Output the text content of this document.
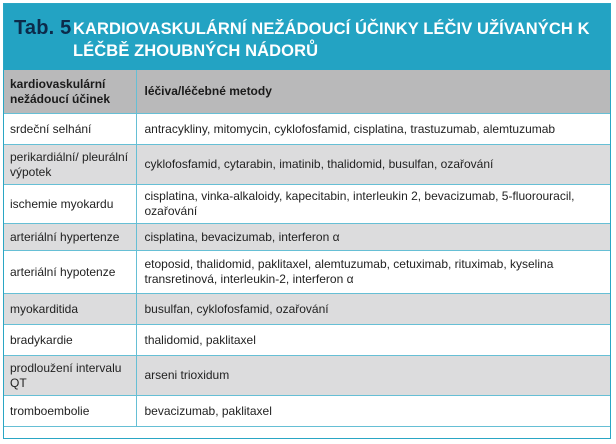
Tab. 5 KARDIOVASKULÁRNÍ NEŽÁDOUCÍ ÚČINKY LÉČIV UŽÍVANÝCH K LÉČBĚ ZHOUBNÝCH NÁDORŮ
kardiovaskulární nežádoucí účinek	léčiva/léčebné metody
srdeční selhání	antracykliny, mitomycin, cyklofosfamid, cisplatina, trastuzumab, alemtuzumab
perikardiální/ pleurální výpotek	cyklofosfamid, cytarabin, imatinib, thalidomid, busulfan, ozařování
ischemie myokardu	cisplatina, vinka-alkaloidy, kapecitabin, interleukin 2, bevacizumab, 5-fluorouracil, ozařování
arteriální hypertenze	cisplatina, bevacizumab, interferon α
arteriální hypotenze	etoposid, thalidomid, paklitaxel, alemtuzumab, cetuximab, rituximab, kyselina transretinová, interleukin-2, interferon α
myokarditida	busulfan, cyklofosfamid, ozařování
bradykardie	thalidomid, paklitaxel
prodloužení intervalu QT	arseni trioxidum
tromboembolie	bevacizumab, paklitaxel
